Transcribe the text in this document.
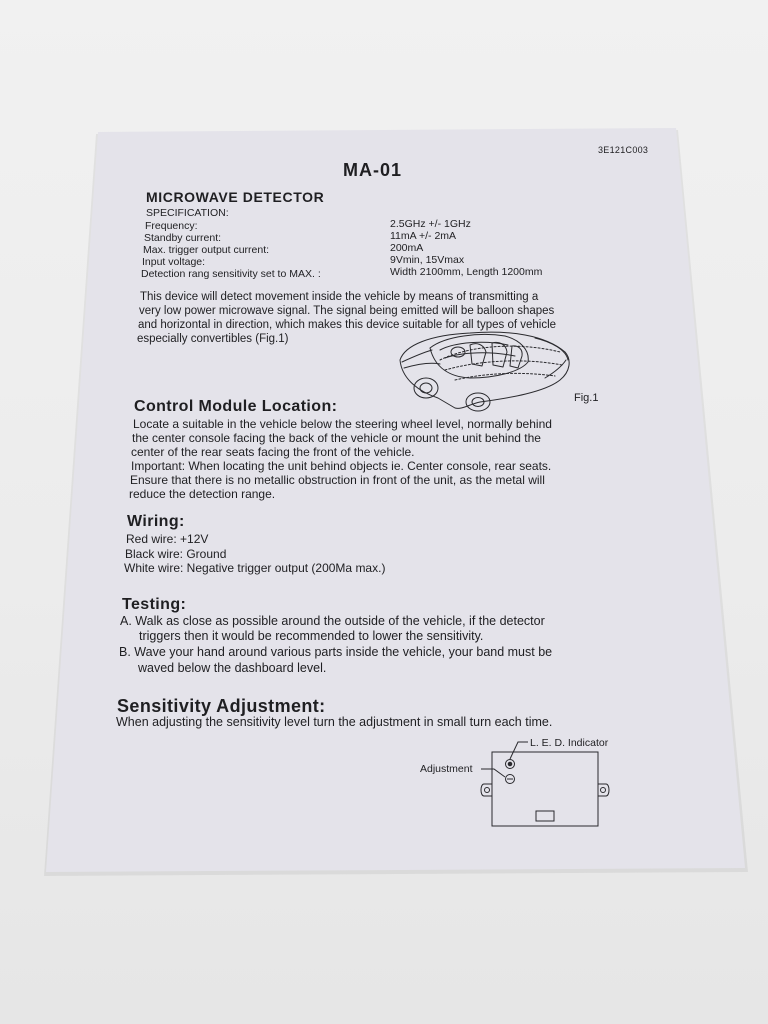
3E121C003
MA-01
MICROWAVE DETECTOR
SPECIFICATION:
Frequency:	2.5GHz +/- 1GHz
Standby current:	11mA +/- 2mA
Max. trigger output current:	200mA
Input voltage:	9Vmin, 15Vmax
Detection rang sensitivity set to MAX. :	Width 2100mm, Length 1200mm
This device will detect movement inside the vehicle by means of transmitting a
very low power microwave signal. The signal being emitted will be balloon shapes
and horizontal in direction, which makes this device suitable for all types of vehicle
especially convertibles (Fig.1)
Fig.1
Control Module Location:
Locate a suitable in the vehicle below the steering wheel level, normally behind
the center console facing the back of the vehicle or mount the unit behind the
center of the rear seats facing the front of the vehicle.
Important: When locating the unit behind objects ie. Center console, rear seats.
Ensure that there is no metallic obstruction in front of the unit, as the metal will
reduce the detection range.
Wiring:
Red wire: +12V
Black wire: Ground
White wire: Negative trigger output (200Ma max.)
Testing:
A. Walk as close as possible around the outside of the vehicle, if the detector
triggers then it would be recommended to lower the sensitivity.
B. Wave your hand around various parts inside the vehicle, your band must be
waved below the dashboard level.
Sensitivity Adjustment:
When adjusting the sensitivity level turn the adjustment in small turn each time.
L. E. D. Indicator
Adjustment
